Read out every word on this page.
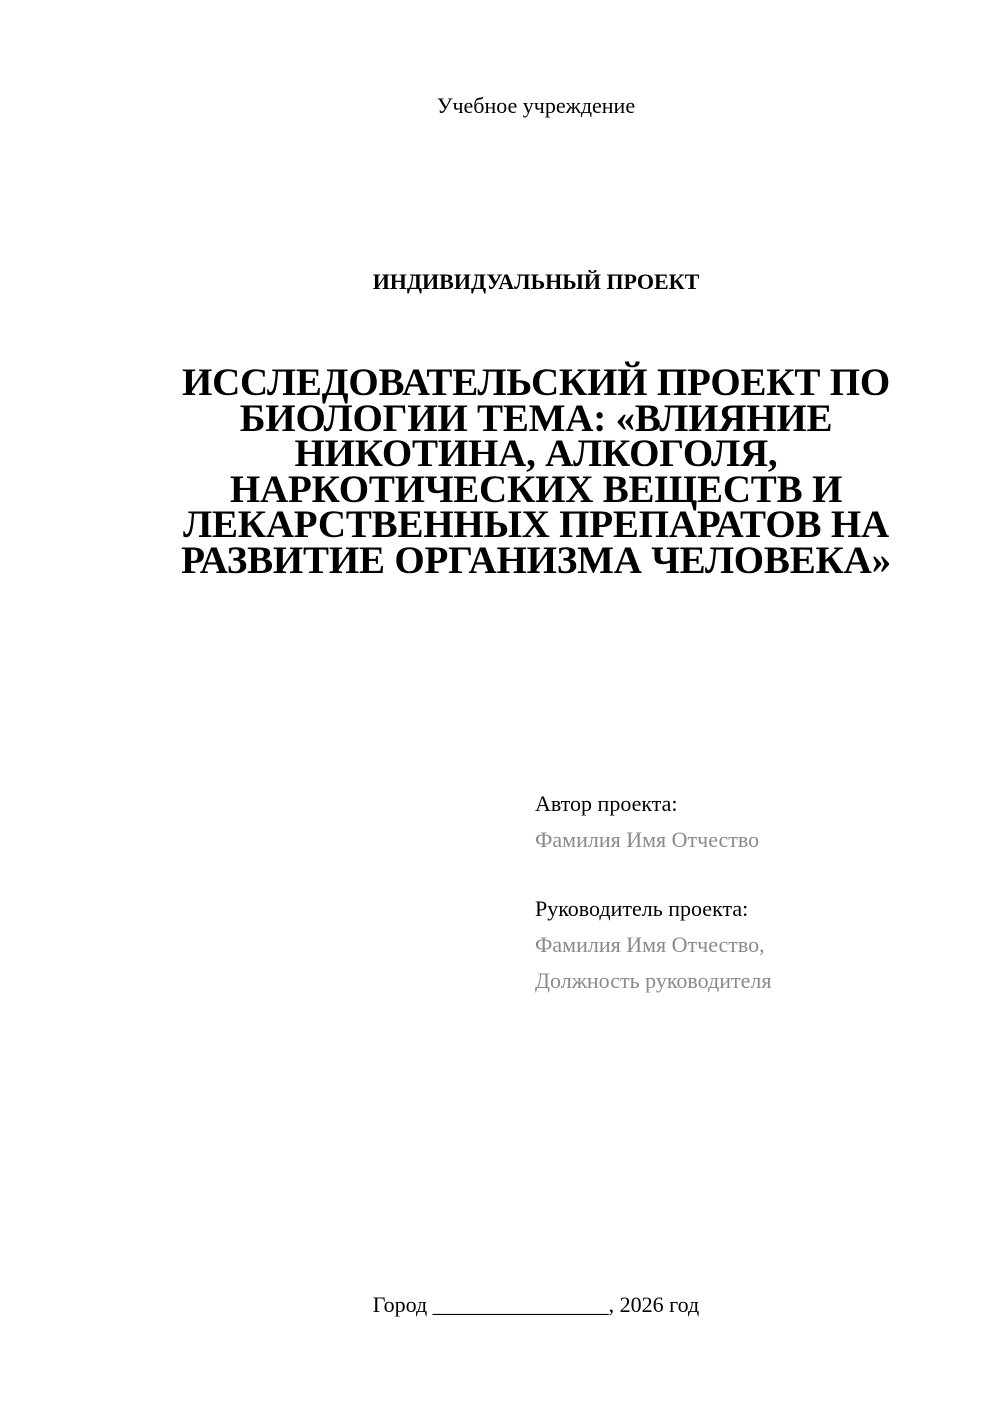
Учебное учреждение
ИНДИВИДУАЛЬНЫЙ ПРОЕКТ
ИССЛЕДОВАТЕЛЬСКИЙ ПРОЕКТ ПО
БИОЛОГИИ ТЕМА: «ВЛИЯНИЕ
НИКОТИНА, АЛКОГОЛЯ,
НАРКОТИЧЕСКИХ ВЕЩЕСТВ И
ЛЕКАРСТВЕННЫХ ПРЕПАРАТОВ НА
РАЗВИТИЕ ОРГАНИЗМА ЧЕЛОВЕКА»
Автор проекта:
Фамилия Имя Отчество
Руководитель проекта:
Фамилия Имя Отчество,
Должность руководителя
Город ________________, 2026 год
